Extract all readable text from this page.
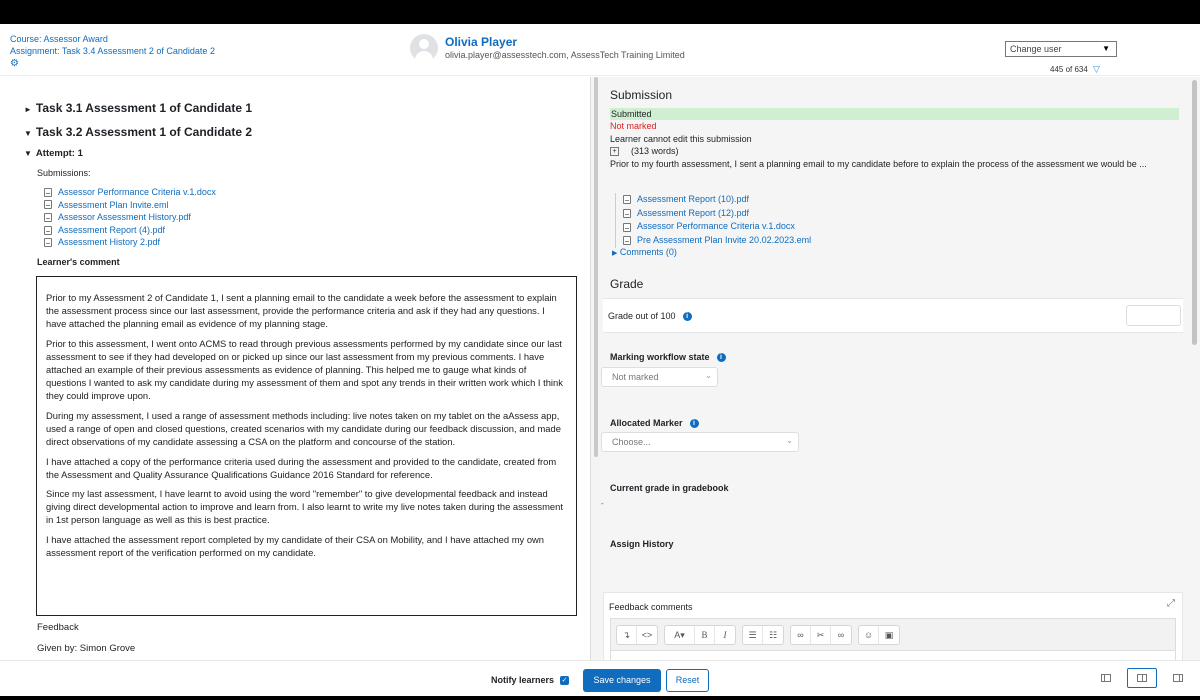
Course: Assessor Award
Assignment: Task 3.4 Assessment 2 of Candidate 2
⚙
Olivia Player
olivia.player@assesstech.com, AssessTech Training Limited
Change user	▼
445 of 634 ▽
► Task 3.1 Assessment 1 of Candidate 1
▼ Task 3.2 Assessment 1 of Candidate 2
▼ Attempt: 1
Submissions:
Assessor Performance Criteria v.1.docx
Assessment Plan Invite.eml
Assessor Assessment History.pdf
Assessment Report (4).pdf
Assessment History 2.pdf
Learner's comment

Prior to my Assessment 2 of Candidate 1, I sent a planning email to the candidate a week before the assessment to explain the assessment process since our last assessment, provide the performance criteria and ask if they had any questions. I have attached the planning email as evidence of my planning stage.

Prior to this assessment, I went onto ACMS to read through previous assessments performed by my candidate since our last assessment to see if they had developed on or picked up since our last assessment from my previous comments. I have attached an example of their previous assessments as evidence of planning. This helped me to gauge what kinds of questions I wanted to ask my candidate during my assessment of them and spot any trends in their written work which I think they could improve upon.

During my assessment, I used a range of assessment methods including: live notes taken on my tablet on the aAssess app, used a range of open and closed questions, created scenarios with my candidate during our feedback discussion, and made direct observations of my candidate assessing a CSA on the platform and concourse of the station.

I have attached a copy of the performance criteria used during the assessment and provided to the candidate, created from the Assessment and Quality Assurance Qualifications Guidance 2016 Standard for reference.

Since my last assessment, I have learnt to avoid using the word "remember" to give developmental feedback and instead giving direct developmental action to improve and learn from. I also learnt to write my live notes taken during the assessment in 1st person language as well as this is best practice.

I have attached the assessment report completed by my candidate of their CSA on Mobility, and I have attached my own assessment report of the verification performed on my candidate.

Feedback
Given by: Simon Grove
Submission
Submitted
Not marked
Learner cannot edit this submission
+ (313 words)
Prior to my fourth assessment, I sent a planning email to my candidate before to explain the process of the assessment we would be ...
Assessment Report (10).pdf
Assessment Report (12).pdf
Assessor Performance Criteria v.1.docx
Pre Assessment Plan Invite 20.02.2023.eml
▶ Comments (0)
Grade
Grade out of 100	i
Marking workflow state	i
Not marked	⌄
Allocated Marker	i
Choose...	⌄
Current grade in gradebook
-
Assign History
Feedback comments	⤢
↴	<>	A▾	B	I	☰	☷	∞	✂	∞	☺	▣
Notify learners ✓	Save changes	Reset
